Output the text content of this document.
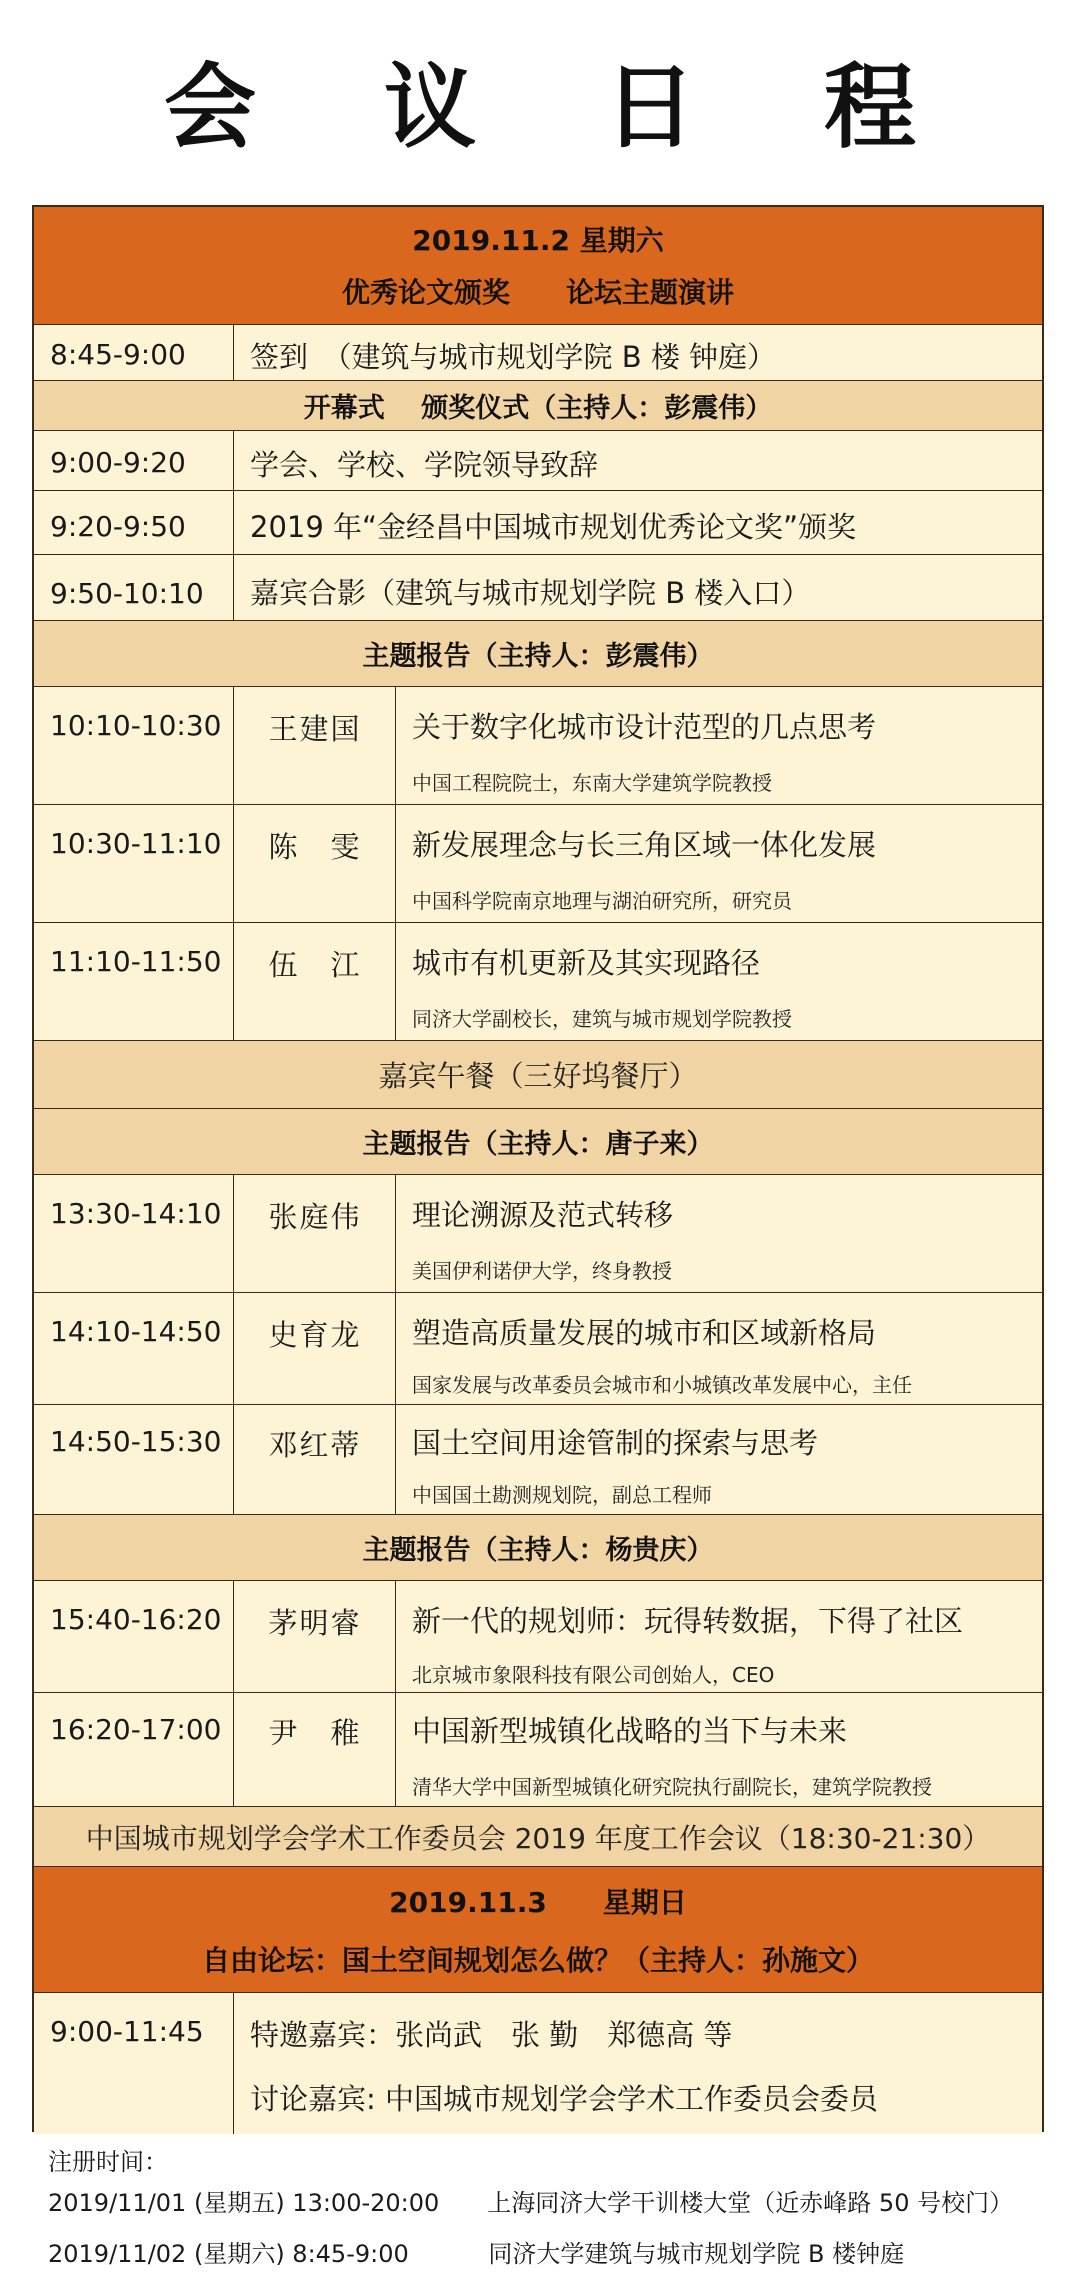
会 议 日 程
2019.11.2 星期六
优秀论文颁奖　　论坛主题演讲
8:45-9:00 签到　（建筑与城市规划学院 B 楼 钟庭）
开幕式　 颁奖仪式（主持人：彭震伟）
9:00-9:20 学会、学校、学院领导致辞
9:20-9:50 2019 年“金经昌中国城市规划优秀论文奖”颁奖
9:50-10:10 嘉宾合影（建筑与城市规划学院 B 楼入口）
主题报告（主持人：彭震伟）
10:10-10:30	王建国	关于数字化城市设计范型的几点思考
中国工程院院士，东南大学建筑学院教授
10:30-11:10	陈　雯	新发展理念与长三角区域一体化发展
中国科学院南京地理与湖泊研究所，研究员
11:10-11:50	伍　江	城市有机更新及其实现路径
同济大学副校长，建筑与城市规划学院教授
嘉宾午餐（三好坞餐厅）
主题报告（主持人：唐子来）
13:30-14:10	张庭伟	理论溯源及范式转移
美国伊利诺伊大学，终身教授
14:10-14:50	史育龙	塑造高质量发展的城市和区域新格局
国家发展与改革委员会城市和小城镇改革发展中心，主任
14:50-15:30	邓红蒂	国土空间用途管制的探索与思考
中国国土勘测规划院，副总工程师
主题报告（主持人：杨贵庆）
15:40-16:20	茅明睿	新一代的规划师：玩得转数据，下得了社区
北京城市象限科技有限公司创始人，CEO
16:20-17:00	尹　稚	中国新型城镇化战略的当下与未来
清华大学中国新型城镇化研究院执行副院长，建筑学院教授
中国城市规划学会学术工作委员会 2019 年度工作会议（18:30-21:30）
2019.11.3　　星期日
自由论坛：国土空间规划怎么做？（主持人：孙施文）
9:00-11:45 特邀嘉宾：张尚武　张 勤　郑德高 等
讨论嘉宾: 中国城市规划学会学术工作委员会委员
注册时间：
2019/11/01 (星期五) 13:00-20:00　　上海同济大学干训楼大堂（近赤峰路 50 号校门）
2019/11/02 (星期六) 8:45-9:00　　　 同济大学建筑与城市规划学院 B 楼钟庭
